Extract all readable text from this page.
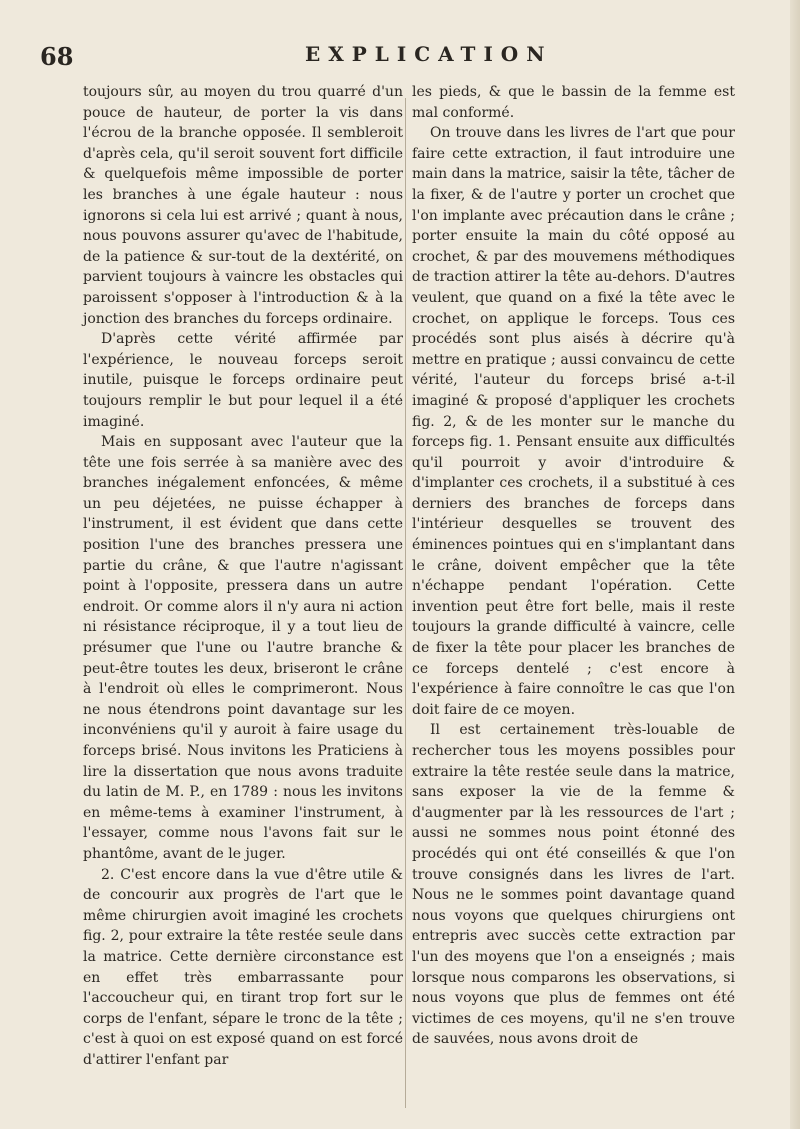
68	EXPLICATION

toujours sûr, au moyen du trou quarré d'un pouce de hauteur, de porter la vis dans l'écrou de la branche opposée. Il sembleroit d'après cela, qu'il seroit souvent fort difficile & quelquefois même impossible de porter les branches à une égale hauteur : nous ignorons si cela lui est arrivé ; quant à nous, nous pouvons assurer qu'avec de l'habitude, de la patience & sur-tout de la dextérité, on parvient toujours à vaincre les obstacles qui paroissent s'opposer à l'introduction & à la jonction des branches du forceps ordinaire.

D'après cette vérité affirmée par l'expérience, le nouveau forceps seroit inutile, puisque le forceps ordinaire peut toujours remplir le but pour lequel il a été imaginé.

Mais en supposant avec l'auteur que la tête une fois serrée à sa manière avec des branches inégalement enfoncées, & même un peu déjetées, ne puisse échapper à l'instrument, il est évident que dans cette position l'une des branches pressera une partie du crâne, & que l'autre n'agissant point à l'opposite, pressera dans un autre endroit. Or comme alors il n'y aura ni action ni résistance réciproque, il y a tout lieu de présumer que l'une ou l'autre branche & peut-être toutes les deux, briseront le crâne à l'endroit où elles le comprimeront. Nous ne nous étendrons point davantage sur les inconvéniens qu'il y auroit à faire usage du forceps brisé. Nous invitons les Praticiens à lire la dissertation que nous avons traduite du latin de M. P., en 1789 : nous les invitons en même-tems à examiner l'instrument, à l'essayer, comme nous l'avons fait sur le phantôme, avant de le juger.

2. C'est encore dans la vue d'être utile & de concourir aux progrès de l'art que le même chirurgien avoit imaginé les crochets fig. 2, pour extraire la tête restée seule dans la matrice. Cette dernière circonstance est en effet très embarrassante pour l'accoucheur qui, en tirant trop fort sur le corps de l'enfant, sépare le tronc de la tête ; c'est à quoi on est exposé quand on est forcé d'attirer l'enfant par

les pieds, & que le bassin de la femme est mal conformé.

On trouve dans les livres de l'art que pour faire cette extraction, il faut introduire une main dans la matrice, saisir la tête, tâcher de la fixer, & de l'autre y porter un crochet que l'on implante avec précaution dans le crâne ; porter ensuite la main du côté opposé au crochet, & par des mouvemens méthodiques de traction attirer la tête au-dehors. D'autres veulent, que quand on a fixé la tête avec le crochet, on applique le forceps. Tous ces procédés sont plus aisés à décrire qu'à mettre en pratique ; aussi convaincu de cette vérité, l'auteur du forceps brisé a-t-il imaginé & proposé d'appliquer les crochets fig. 2, & de les monter sur le manche du forceps fig. 1. Pensant ensuite aux difficultés qu'il pourroit y avoir d'introduire & d'implanter ces crochets, il a substitué à ces derniers des branches de forceps dans l'intérieur desquelles se trouvent des éminences pointues qui en s'implantant dans le crâne, doivent empêcher que la tête n'échappe pendant l'opération. Cette invention peut être fort belle, mais il reste toujours la grande difficulté à vaincre, celle de fixer la tête pour placer les branches de ce forceps dentelé ; c'est encore à l'expérience à faire connoître le cas que l'on doit faire de ce moyen.

Il est certainement très-louable de rechercher tous les moyens possibles pour extraire la tête restée seule dans la matrice, sans exposer la vie de la femme & d'augmenter par là les ressources de l'art ; aussi ne sommes nous point étonné des procédés qui ont été conseillés & que l'on trouve consignés dans les livres de l'art. Nous ne le sommes point davantage quand nous voyons que quelques chirurgiens ont entrepris avec succès cette extraction par l'un des moyens que l'on a enseignés ; mais lorsque nous comparons les observations, si nous voyons que plus de femmes ont été victimes de ces moyens, qu'il ne s'en trouve de sauvées, nous avons droit de
